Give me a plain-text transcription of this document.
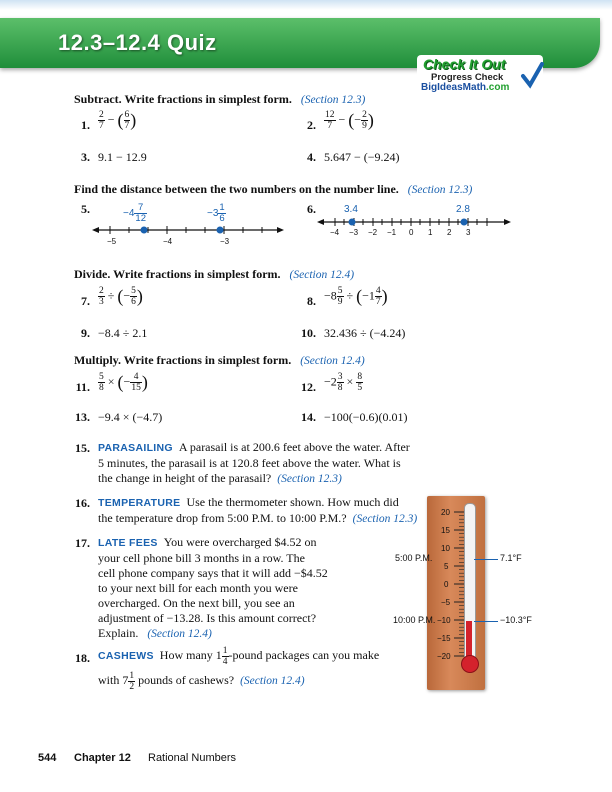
12.3–12.4 Quiz
Check It Out
Progress Check
BigIdeasMath.com
Subtract. Write fractions in simplest form. (Section 12.3)
1. $\frac{2}{7}$ − ( $\frac{6}{7}$ )	2. $\frac{12}{7}$ − (− $\frac{2}{9}$ )
3. 9.1 − 12.9	4. 5.647 − (−9.24)
Find the distance between the two numbers on the number line. (Section 12.3)
5.
−5	−4	−3
$-4 \frac{7}{12}$	$-3 \frac{1}{6}$	6.	3.4	2.8
−4 −3 −2 −1 0 1 2 3
Divide. Write fractions in simplest form. (Section 12.4)
7. $\frac{2}{3}$ ÷ (− $\frac{5}{6}$ )	8. $-8 \frac{5}{9} \div (-1 \frac{4}{7}$ )
9. −8.4 ÷ 2.1	10. 32.436 ÷ (−4.24)
Multiply. Write fractions in simplest form. (Section 12.4)
11. $\frac{5}{8}$ × (− $\frac{4}{15}$ )	12. $-2 \frac{3}{8} \times \frac{8}{5}$
13. −9.4 × (−4.7)	14. −100(−0.6)(0.01)
15. PARASAILING A parasail is at 200.6 feet above the water. After
5 minutes, the parasail is at 120.8 feet above the water. What is
the change in height of the parasail? (Section 12.3)
16. TEMPERATURE Use the thermometer shown. How much did
the temperature drop from 5:00 P.M. to 10:00 P.M.? (Section 12.3)
17. LATE FEES You were overcharged $4.52 on
your cell phone bill 3 months in a row. The
cell phone company says that it will add −$4.52
to your next bill for each month you were
overcharged. On the next bill, you see an
adjustment of −13.28. Is this amount correct?
Explain. (Section 12.4)
18. CASHEWS How many $1 \frac{1}{4}$ -pound packages can you make
with $7 \frac{1}{2}$ pounds of cashews? (Section 12.4)
20
15
10
5
0
−5
−10
−15
−20
5:00 P.M.	7.1°F
10:00 P.M.	−10.3°F
544 Chapter 12 Rational Numbers
